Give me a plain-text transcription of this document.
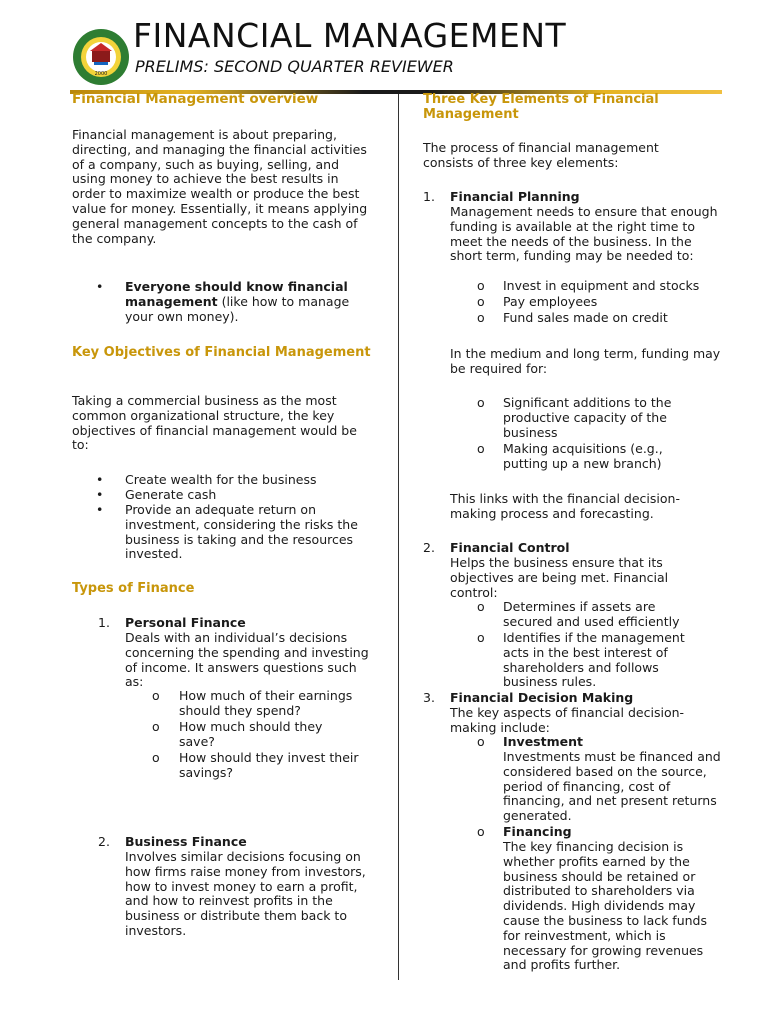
2000
FINANCIAL MANAGEMENT
PRELIMS: SECOND QUARTER REVIEWER
Financial Management overview

Financial management is about preparing, directing, and managing the financial activities of a company, such as buying, selling, and using money to achieve the best results in order to maximize wealth or produce the best value for money. Essentially, it means applying general management concepts to the cash of the company.

• Everyone should know financial management (like how to manage your own money).

Key Objectives of Financial Management

Taking a commercial business as the most common organizational structure, the key objectives of financial management would be to:

• Create wealth for the business

• Generate cash

• Provide an adequate return on investment, considering the risks the business is taking and the resources invested.

Types of Finance
1. Personal Finance

Deals with an individual’s decisions concerning the spending and investing of income. It answers questions such as:

o How much of their earnings should they spend?

o How much should they save?

o How should they invest their savings?

2. Business Finance

Involves similar decisions focusing on how firms raise money from investors, how to invest money to earn a profit, and how to reinvest profits in the business or distribute them back to investors.

Three Key Elements of Financial Management

The process of financial management consists of three key elements:

1. Financial Planning

Management needs to ensure that enough funding is available at the right time to meet the needs of the business. In the short term, funding may be needed to:

o Invest in equipment and stocks

o Pay employees

o Fund sales made on credit

In the medium and long term, funding may be required for:

o Significant additions to the productive capacity of the business

o Making acquisitions (e.g., putting up a new branch)

This links with the financial decision-making process and forecasting.

2. Financial Control

Helps the business ensure that its objectives are being met. Financial control:

o Determines if assets are secured and used efficiently

o Identifies if the management acts in the best interest of shareholders and follows business rules.

3. Financial Decision Making

The key aspects of financial decision-making include:

o Investment

Investments must be financed and considered based on the source, period of financing, cost of financing, and net present returns generated.

o Financing

The key financing decision is whether profits earned by the business should be retained or distributed to shareholders via dividends. High dividends may cause the business to lack funds for reinvestment, which is necessary for growing revenues and profits further.
